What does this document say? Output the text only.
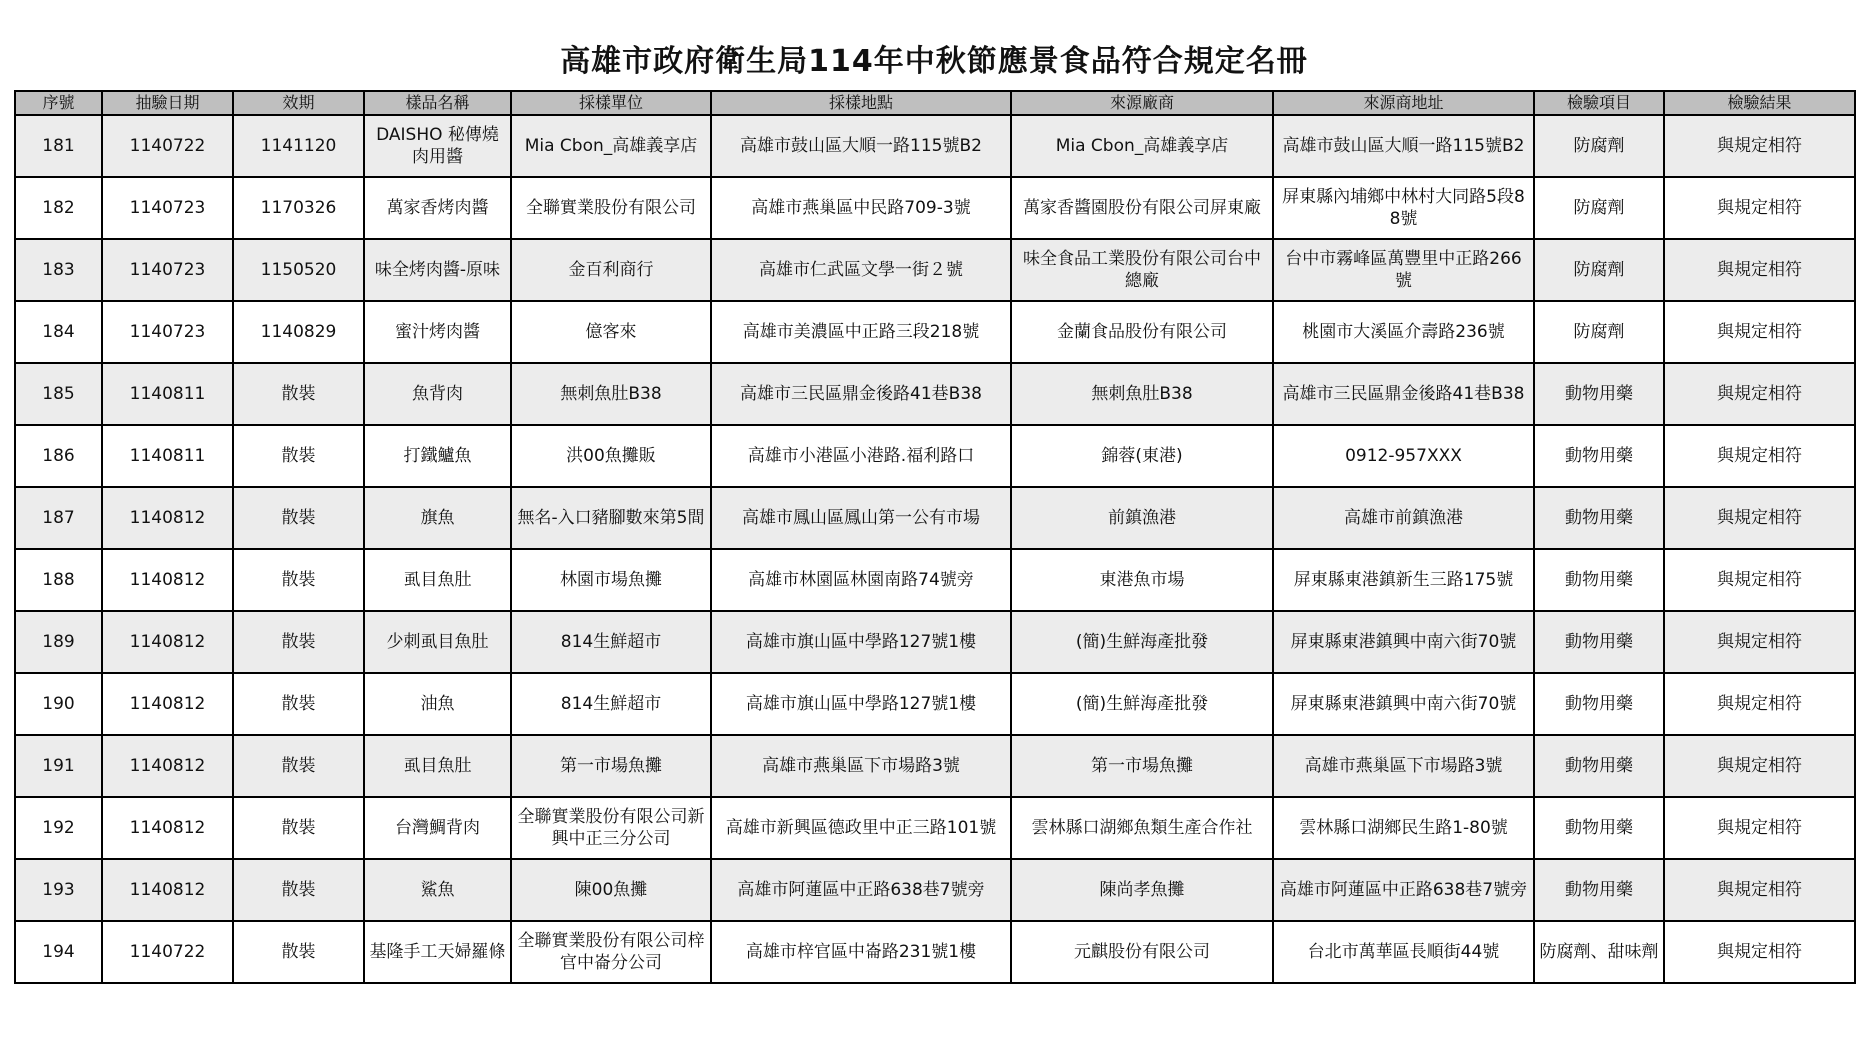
高雄市政府衛生局114年中秋節應景食品符合規定名冊
序號	抽驗日期	效期	樣品名稱	採樣單位	採樣地點	來源廠商	來源商地址	檢驗項目	檢驗結果
181	1140722	1141120	DAISHO 秘傳燒肉用醬	Mia Cbon_高雄義享店	高雄市鼓山區大順一路115號B2	Mia Cbon_高雄義享店	高雄市鼓山區大順一路115號B2	防腐劑	與規定相符
182	1140723	1170326	萬家香烤肉醬	全聯實業股份有限公司	高雄市燕巢區中民路709-3號	萬家香醬園股份有限公司屏東廠	屏東縣內埔鄉中林村大同路5段88號	防腐劑	與規定相符
183	1140723	1150520	味全烤肉醬-原味	金百利商行	高雄市仁武區文學一街２號	味全食品工業股份有限公司台中總廠	台中市霧峰區萬豐里中正路266號	防腐劑	與規定相符
184	1140723	1140829	蜜汁烤肉醬	億客來	高雄市美濃區中正路三段218號	金蘭食品股份有限公司	桃園市大溪區介壽路236號	防腐劑	與規定相符
185	1140811	散裝	魚背肉	無刺魚肚B38	高雄市三民區鼎金後路41巷B38	無刺魚肚B38	高雄市三民區鼎金後路41巷B38	動物用藥	與規定相符
186	1140811	散裝	打鐵鱸魚	洪00魚攤販	高雄市小港區小港路.福利路口	錦蓉(東港)	0912-957XXX	動物用藥	與規定相符
187	1140812	散裝	旗魚	無名-入口豬腳數來第5間	高雄市鳳山區鳳山第一公有市場	前鎮漁港	高雄市前鎮漁港	動物用藥	與規定相符
188	1140812	散裝	虱目魚肚	林園市場魚攤	高雄市林園區林園南路74號旁	東港魚市場	屏東縣東港鎮新生三路175號	動物用藥	與規定相符
189	1140812	散裝	少刺虱目魚肚	814生鮮超市	高雄市旗山區中學路127號1樓	(簡)生鮮海產批發	屏東縣東港鎮興中南六街70號	動物用藥	與規定相符
190	1140812	散裝	油魚	814生鮮超市	高雄市旗山區中學路127號1樓	(簡)生鮮海產批發	屏東縣東港鎮興中南六街70號	動物用藥	與規定相符
191	1140812	散裝	虱目魚肚	第一市場魚攤	高雄市燕巢區下市場路3號	第一市場魚攤	高雄市燕巢區下市場路3號	動物用藥	與規定相符
192	1140812	散裝	台灣鯛背肉	全聯實業股份有限公司新興中正三分公司	高雄市新興區德政里中正三路101號	雲林縣口湖鄉魚類生產合作社	雲林縣口湖鄉民生路1-80號	動物用藥	與規定相符
193	1140812	散裝	鯊魚	陳00魚攤	高雄市阿蓮區中正路638巷7號旁	陳尚孝魚攤	高雄市阿蓮區中正路638巷7號旁	動物用藥	與規定相符
194	1140722	散裝	基隆手工天婦羅條	全聯實業股份有限公司梓官中崙分公司	高雄市梓官區中崙路231號1樓	元麒股份有限公司	台北市萬華區長順街44號	防腐劑、甜味劑	與規定相符
